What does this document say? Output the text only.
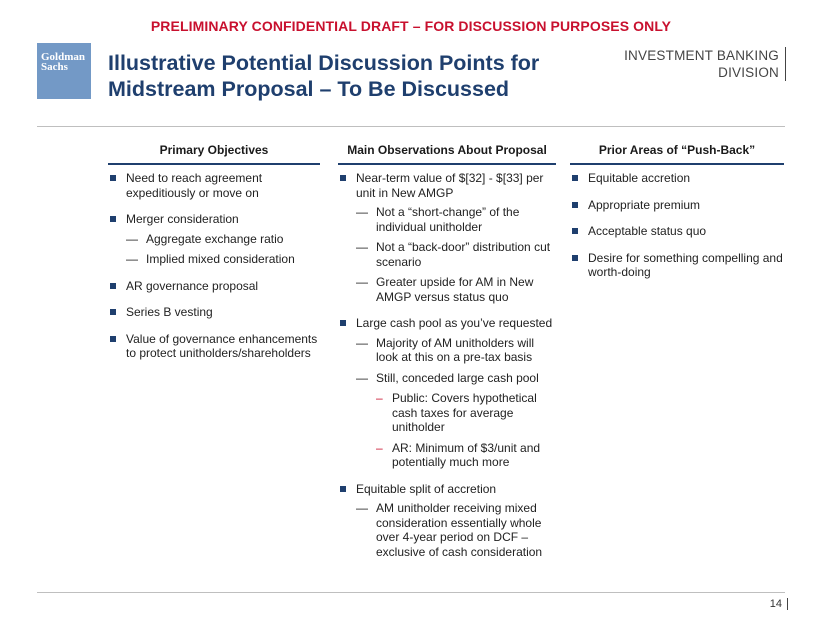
PRELIMINARY CONFIDENTIAL DRAFT – FOR DISCUSSION PURPOSES ONLY
Goldman
Sachs Illustrative Potential Discussion Points for Midstream Proposal – To Be Discussed
INVESTMENT BANKING
DIVISION
Primary Objectives
Need to reach agreement expeditiously or move on
Merger consideration
— Aggregate exchange ratio
— Implied mixed consideration
AR governance proposal
Series B vesting
Value of governance enhancements to protect unitholders/shareholders
Main Observations About Proposal
Near-term value of $[32] - $[33] per unit in New AMGP
— Not a “short-change” of the individual unitholder
— Not a “back-door” distribution cut scenario
— Greater upside for AM in New AMGP versus status quo
Large cash pool as you’ve requested
— Majority of AM unitholders will look at this on a pre-tax basis
— Still, conceded large cash pool
– Public: Covers hypothetical cash taxes for average unitholder
– AR: Minimum of $3/unit and potentially much more
Equitable split of accretion
— AM unitholder receiving mixed consideration essentially whole over 4-year period on DCF – exclusive of cash consideration
Prior Areas of “Push-Back”
Equitable accretion
Appropriate premium
Acceptable status quo
Desire for something compelling and worth-doing
14
